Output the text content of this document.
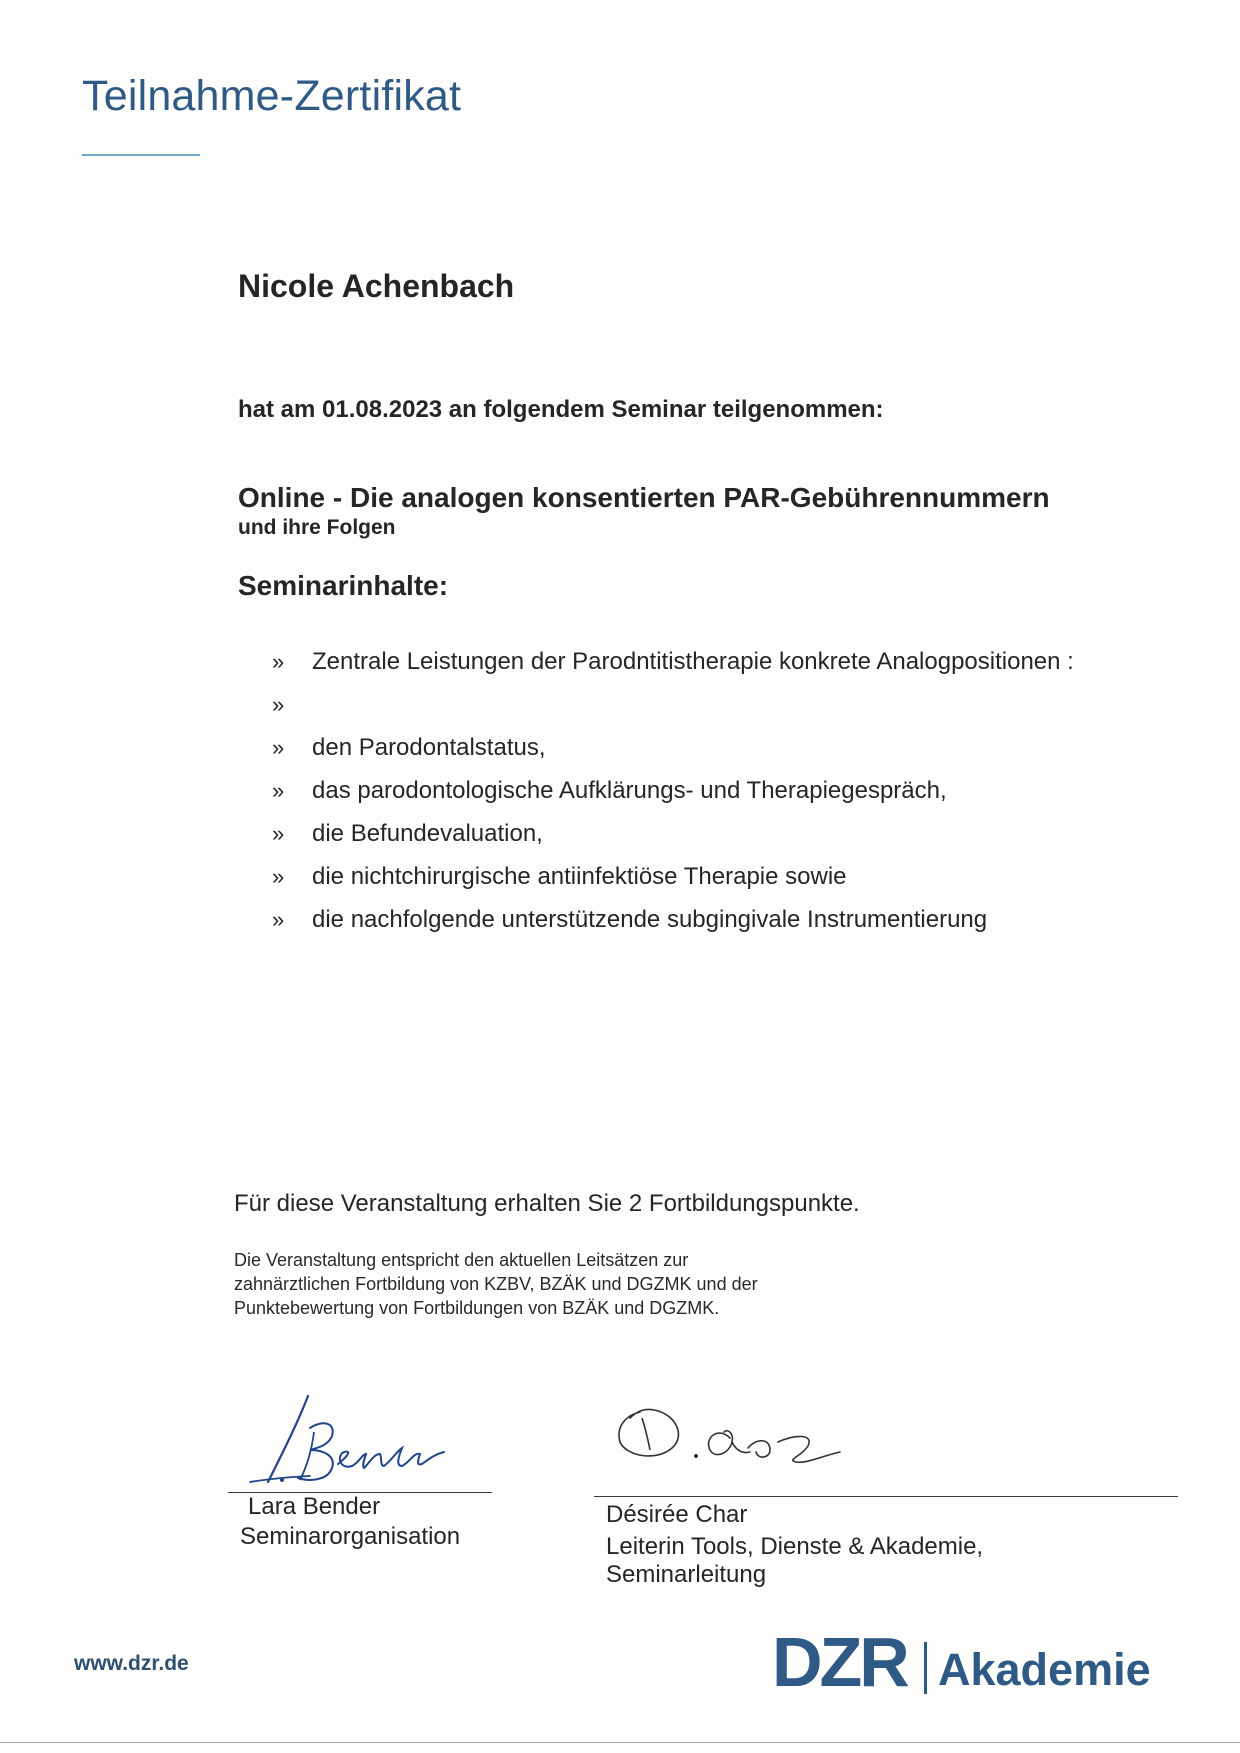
Teilnahme-Zertifikat
Nicole Achenbach
hat am 01.08.2023 an folgendem Seminar teilgenommen:
Online - Die analogen konsentierten PAR-Gebührennummern
und ihre Folgen
Seminarinhalte:
» Zentrale Leistungen der Parodntitistherapie konkrete Analogpositionen :
»
» den Parodontalstatus,
» das parodontologische Aufklärungs- und Therapiegespräch,
» die Befundevaluation,
» die nichtchirurgische antiinfektiöse Therapie sowie
» die nachfolgende unterstützende subgingivale Instrumentierung
Für diese Veranstaltung erhalten Sie 2 Fortbildungspunkte.
Die Veranstaltung entspricht den aktuellen Leitsätzen zur
zahnärztlichen Fortbildung von KZBV, BZÄK und DGZMK und der
Punktebewertung von Fortbildungen von BZÄK und DGZMK.
Lara Bender
Seminarorganisation
Désirée Char
Leiterin Tools, Dienste & Akademie,
Seminarleitung
www.dzr.de	DZR Akademie
